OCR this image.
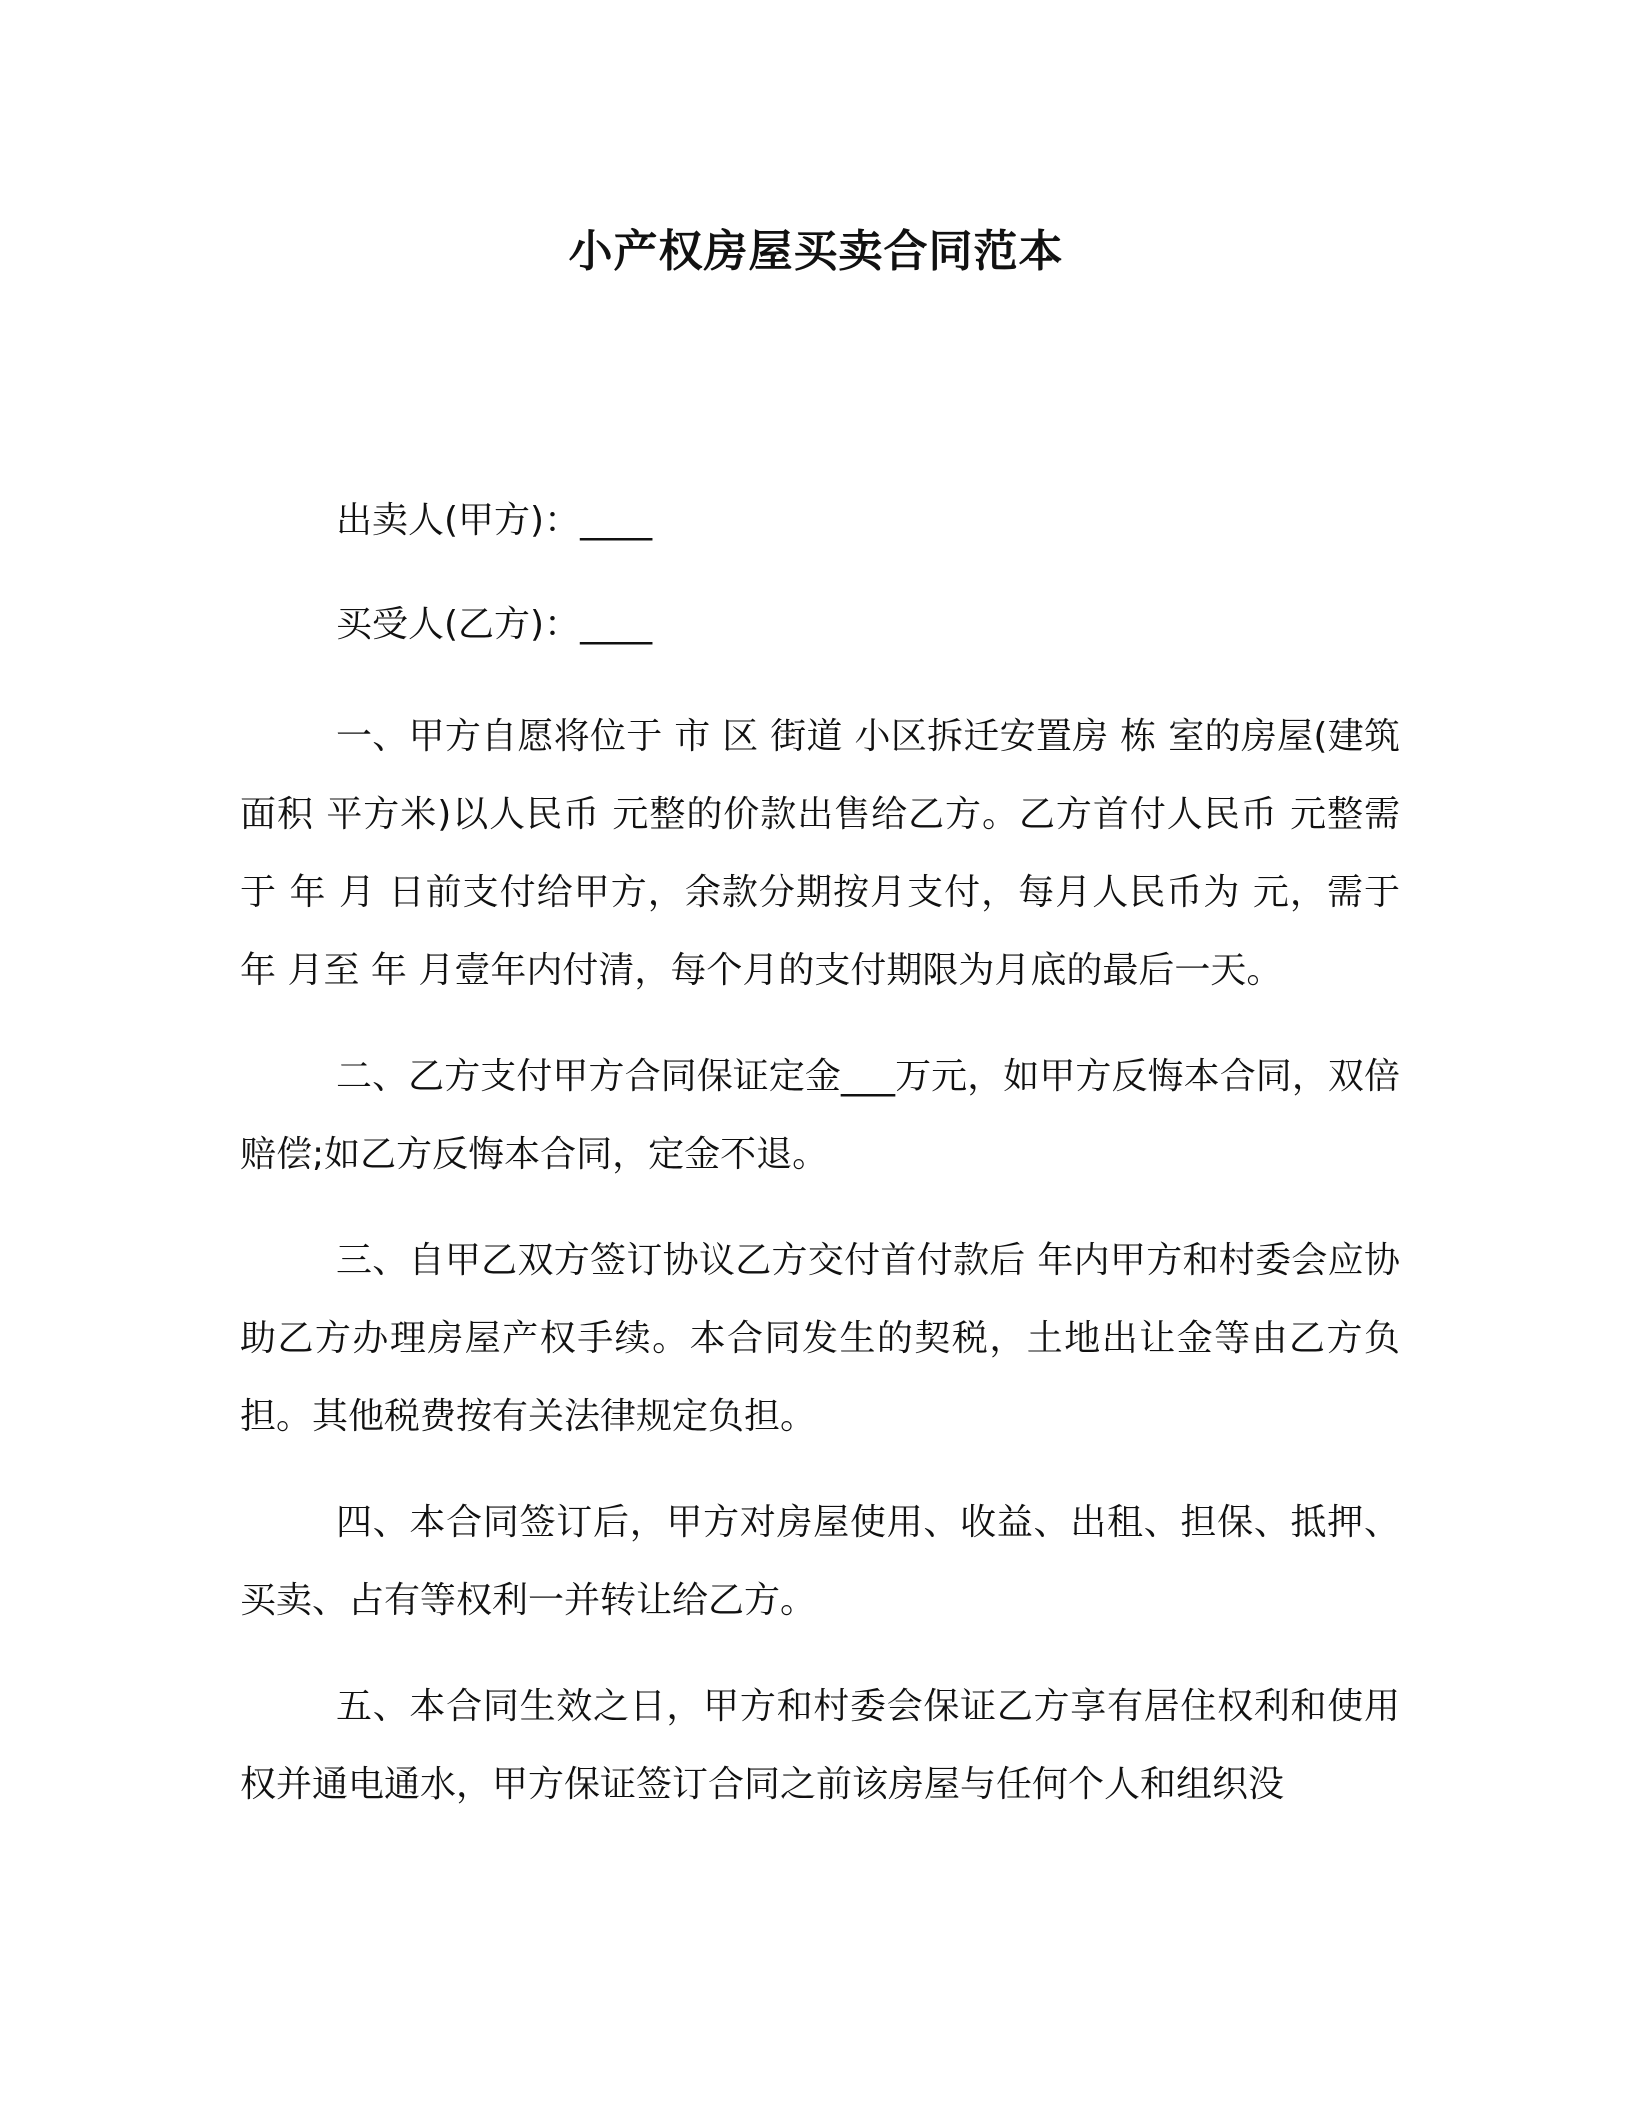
小产权房屋买卖合同范本

出卖人(甲方)：____

买受人(乙方)：____

一、甲方自愿将位于 市 区 街道 小区拆迁安置房 栋 室的房屋(建筑面积 平方米)以人民币 元整的价款出售给乙方。乙方首付人民币 元整需于 年 月 日前支付给甲方，余款分期按月支付，每月人民币为 元，需于 年 月至 年 月壹年内付清，每个月的支付期限为月底的最后一天。

二、乙方支付甲方合同保证定金___万元，如甲方反悔本合同，双倍赔偿;如乙方反悔本合同，定金不退。

三、自甲乙双方签订协议乙方交付首付款后 年内甲方和村委会应协助乙方办理房屋产权手续。本合同发生的契税，土地出让金等由乙方负担。其他税费按有关法律规定负担。

四、本合同签订后，甲方对房屋使用、收益、出租、担保、抵押、买卖、占有等权利一并转让给乙方。

五、本合同生效之日，甲方和村委会保证乙方享有居住权利和使用权并通电通水，甲方保证签订合同之前该房屋与任何个人和组织没
